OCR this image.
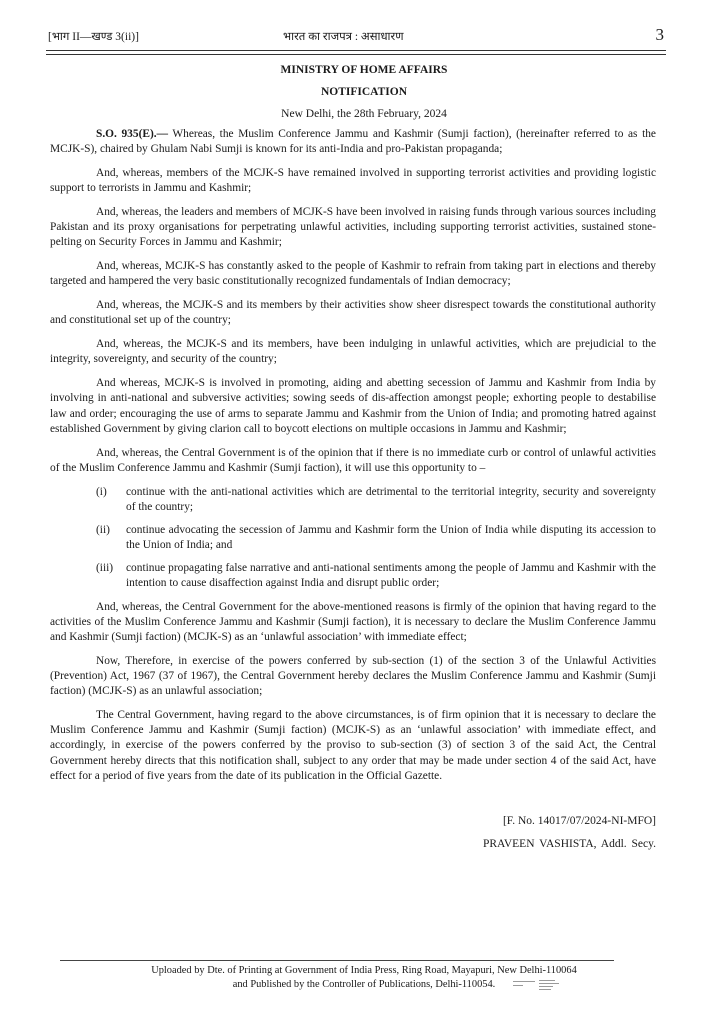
[भाग II—खण्ड 3(ii)]	भारत का राजपत्र : असाधारण	3
MINISTRY OF HOME AFFAIRS
NOTIFICATION
New Delhi, the 28th February, 2024

S.O. 935(E).— Whereas, the Muslim Conference Jammu and Kashmir (Sumji faction), (hereinafter referred to as the MCJK-S), chaired by Ghulam Nabi Sumji is known for its anti-India and pro-Pakistan propaganda;

And, whereas, members of the MCJK-S have remained involved in supporting terrorist activities and providing logistic support to terrorists in Jammu and Kashmir;

And, whereas, the leaders and members of MCJK-S have been involved in raising funds through various sources including Pakistan and its proxy organisations for perpetrating unlawful activities, including supporting terrorist activities, sustained stone-pelting on Security Forces in Jammu and Kashmir;

And, whereas, MCJK-S has constantly asked to the people of Kashmir to refrain from taking part in elections and thereby targeted and hampered the very basic constitutionally recognized fundamentals of Indian democracy;

And, whereas, the MCJK-S and its members by their activities show sheer disrespect towards the constitutional authority and constitutional set up of the country;

And, whereas, the MCJK-S and its members, have been indulging in unlawful activities, which are prejudicial to the integrity, sovereignty, and security of the country;

And whereas, MCJK-S is involved in promoting, aiding and abetting secession of Jammu and Kashmir from India by involving in anti-national and subversive activities; sowing seeds of dis-affection amongst people; exhorting people to destabilise law and order; encouraging the use of arms to separate Jammu and Kashmir from the Union of India; and promoting hatred against established Government by giving clarion call to boycott elections on multiple occasions in Jammu and Kashmir;

And, whereas, the Central Government is of the opinion that if there is no immediate curb or control of unlawful activities of the Muslim Conference Jammu and Kashmir (Sumji faction), it will use this opportunity to –

(i) continue with the anti-national activities which are detrimental to the territorial integrity, security and sovereignty of the country;
(ii) continue advocating the secession of Jammu and Kashmir form the Union of India while disputing its accession to the Union of India; and
(iii) continue propagating false narrative and anti-national sentiments among the people of Jammu and Kashmir with the intention to cause disaffection against India and disrupt public order;

And, whereas, the Central Government for the above-mentioned reasons is firmly of the opinion that having regard to the activities of the Muslim Conference Jammu and Kashmir (Sumji faction), it is necessary to declare the Muslim Conference Jammu and Kashmir (Sumji faction) (MCJK-S) as an ‘unlawful association’ with immediate effect;

Now, Therefore, in exercise of the powers conferred by sub-section (1) of the section 3 of the Unlawful Activities (Prevention) Act, 1967 (37 of 1967), the Central Government hereby declares the Muslim Conference Jammu and Kashmir (Sumji faction) (MCJK-S) as an unlawful association;

The Central Government, having regard to the above circumstances, is of firm opinion that it is necessary to declare the Muslim Conference Jammu and Kashmir (Sumji faction) (MCJK-S) as an ‘unlawful association’ with immediate effect, and accordingly, in exercise of the powers conferred by the proviso to sub-section (3) of section 3 of the said Act, the Central Government hereby directs that this notification shall, subject to any order that may be made under section 4 of the said Act, have effect for a period of five years from the date of its publication in the Official Gazette.

[F. No. 14017/07/2024-NI-MFO]
PRAVEEN VASHISTA, Addl. Secy.
Uploaded by Dte. of Printing at Government of India Press, Ring Road, Mayapuri, New Delhi-110064
and Published by the Controller of Publications, Delhi-110054.
